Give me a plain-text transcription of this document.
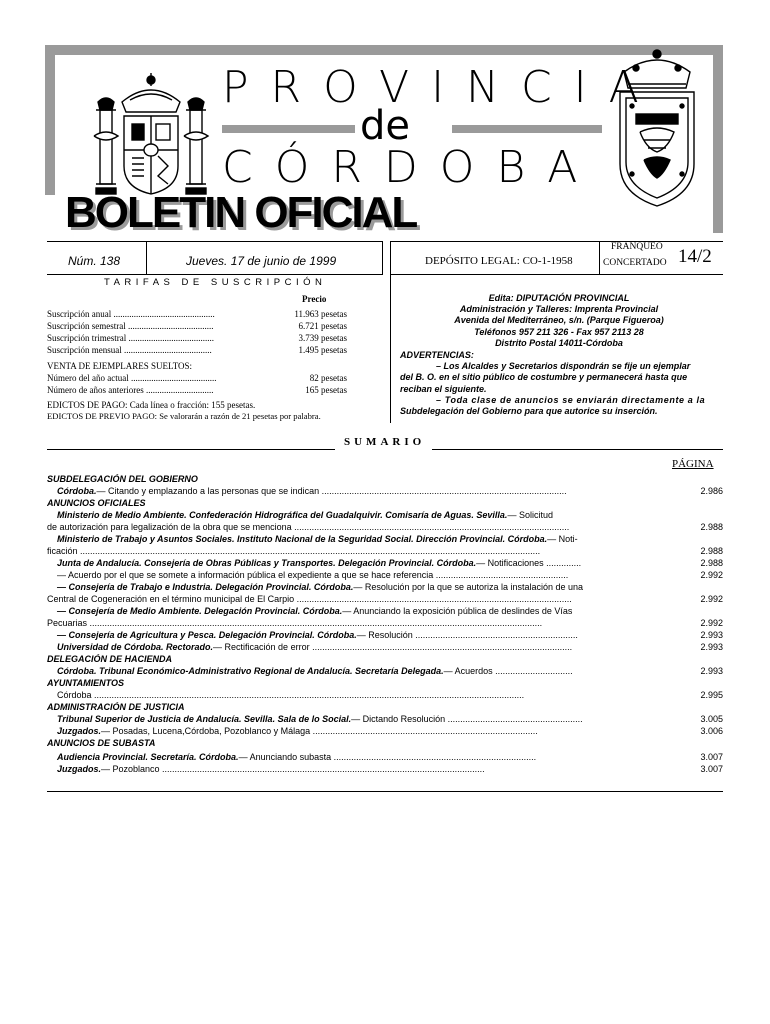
PROVINCIA
de
CÓRDOBA
BOLETIN OFICIAL
Núm. 138	Jueves. 17 de junio de 1999	DEPÓSITO LEGAL: CO-1-1958
FRANQUEO
CONCERTADO 14/2
TARIFAS DE SUSCRIPCIÓN
Precio
Suscripción anual .............................................	11.963 pesetas
Suscripción semestral ......................................	6.721 pesetas
Suscripción trimestral ......................................	3.739 pesetas
Suscripción mensual .......................................	1.495 pesetas
VENTA DE EJEMPLARES SUELTOS:
Número del año actual ......................................	82 pesetas
Número de años anteriores ..............................	165 pesetas
EDICTOS DE PAGO: Cada línea o fracción: 155 pesetas.
EDICTOS DE PREVIO PAGO: Se valorarán a razón de 21 pesetas por palabra.
Edita: DIPUTACIÓN PROVINCIAL
Administración y Talleres: Imprenta Provincial
Avenida del Mediterráneo, s/n. (Parque Figueroa)
Teléfonos 957 211 326 - Fax 957 2113 28
Distrito Postal 14011-Córdoba
ADVERTENCIAS:
– Los Alcaldes y Secretarios dispondrán se fije un ejemplar
del B. O. en el sitio público de costumbre y permanecerá hasta que
reciban el siguiente.
– Toda clase de anuncios se enviarán directamente a la
Subdelegación del Gobierno para que autorice su inserción.
SUMARIO
PÁGINA
SUBDELEGACIÓN DEL GOBIERNO
Córdoba.— Citando y emplazando a las personas que se indican ..................................................................................................	2.986
ANUNCIOS OFICIALES
Ministerio de Medio Ambiente. Confederación Hidrográfica del Guadalquivir. Comisaría de Aguas. Sevilla.— Solicitud
de autorización para legalización de la obra que se menciona ..............................................................................................................	2.988
Ministerio de Trabajo y Asuntos Sociales. Instituto Nacional de la Seguridad Social. Dirección Provincial. Córdoba.— Noti-
ficación ........................................................................................................................................................................................	2.988
Junta de Andalucía. Consejería de Obras Públicas y Transportes. Delegación Provincial. Córdoba.— Notificaciones ..............	2.988
— Acuerdo por el que se somete a información pública el expediente a que se hace referencia .....................................................	2.992
— Consejería de Trabajo e Industria. Delegación Provincial. Córdoba.— Resolución por la que se autoriza la instalación de una
Central de Cogeneración en el término municipal de El Carpio ..............................................................................................................	2.992
— Consejería de Medio Ambiente. Delegación Provincial. Córdoba.— Anunciando la exposición pública de deslindes de Vías
Pecuarias .....................................................................................................................................................................................	2.992
— Consejería de Agricultura y Pesca. Delegación Provincial. Córdoba.— Resolución .................................................................	2.993
Universidad de Córdoba. Rectorado.— Rectificación de error ........................................................................................................	2.993
DELEGACIÓN DE HACIENDA
Córdoba. Tribunal Económico-Administrativo Regional de Andalucía. Secretaría Delegada.— Acuerdos ...............................	2.993
AYUNTAMIENTOS
Córdoba ............................................................................................................................................................................	2.995
ADMINISTRACIÓN DE JUSTICIA
Tribunal Superior de Justicia de Andalucía. Sevilla. Sala de lo Social.— Dictando Resolución ......................................................	3.005
Juzgados.— Posadas, Lucena,Córdoba, Pozoblanco y Málaga ..........................................................................................	3.006
ANUNCIOS DE SUBASTA
Audiencia Provincial. Secretaría. Córdoba.— Anunciando subasta .................................................................................	3.007
Juzgados.— Pozoblanco .................................................................................................................................	3.007
